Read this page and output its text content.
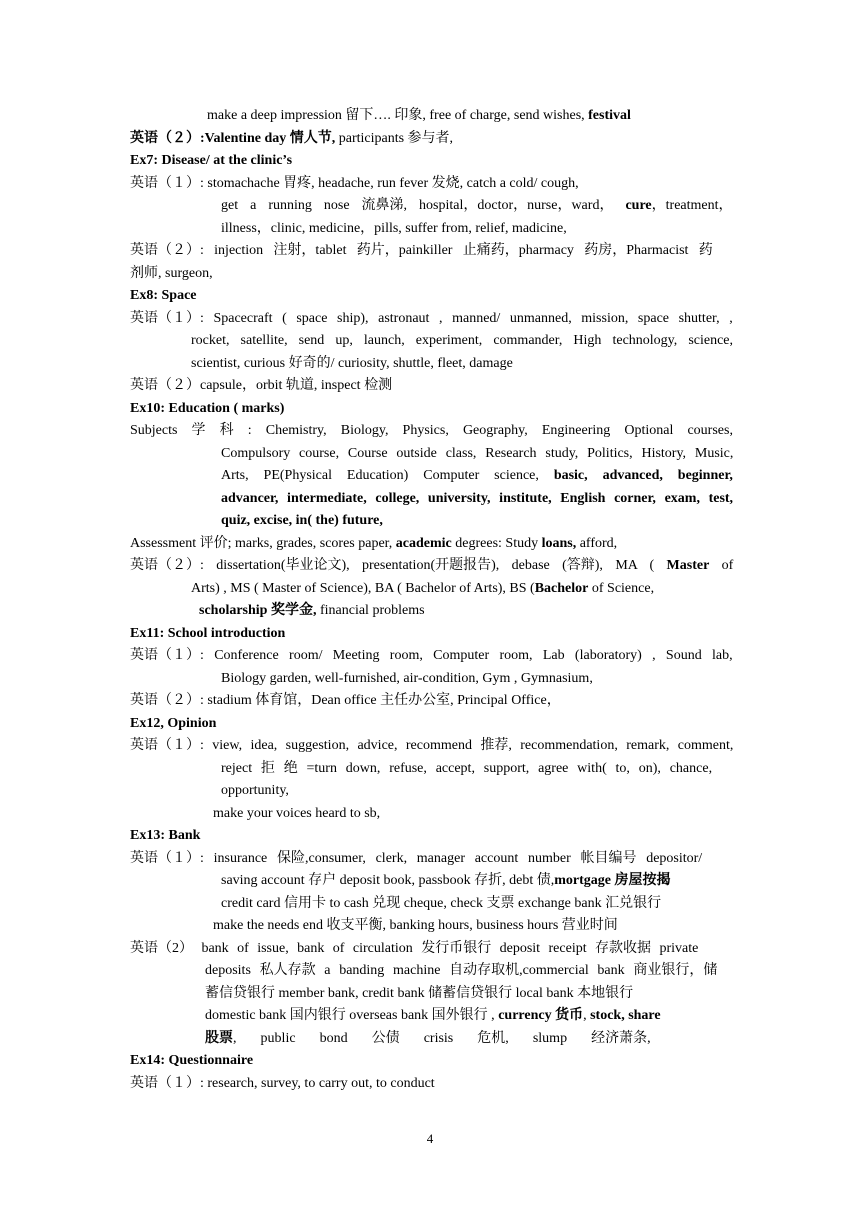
make a deep impression 留下…. 印象, free of charge, send wishes, festival
英语（２）:Valentine day 情人节, participants 参与者,
Ex7: Disease/ at the clinic’s
英语（１）: stomachache 胃疼, headache, run fever 发烧, catch a cold/ cough,
get a running nose 流鼻涕, hospital，doctor，nurse，ward， cure，treatment，
illness，clinic, medicine，pills, suffer from, relief, madicine,
英语（２）: injection 注射，tablet 药片，painkiller 止痛药，pharmacy 药房，Pharmacist 药
剂师, surgeon,
Ex8: Space
英语（１）: Spacecraft ( space ship), astronaut , manned/ unmanned, mission, space shutter, ,
rocket, satellite, send up, launch, experiment, commander, High technology, science,
scientist, curious 好奇的/ curiosity, shuttle, fleet, damage
英语（２）capsule，orbit 轨道, inspect 检测
Ex10: Education ( marks)
Subjects 学 科 : Chemistry, Biology, Physics, Geography, Engineering Optional courses,
Compulsory course, Course outside class, Research study, Politics, History, Music,
Arts, PE(Physical Education) Computer science, basic, advanced, beginner,
advancer, intermediate, college, university, institute, English corner, exam, test,
quiz, excise, in( the) future,
Assessment 评价; marks, grades, scores paper, academic degrees: Study loans, afford,
英语（２）: dissertation(毕业论文), presentation(开题报告), debase (答辩), MA ( Master of
Arts) , MS ( Master of Science), BA ( Bachelor of Arts), BS (Bachelor of Science,
scholarship 奖学金, financial problems
Ex11: School introduction
英语（１）: Conference room/ Meeting room, Computer room, Lab (laboratory) , Sound lab,
Biology garden, well-furnished, air-condition, Gym , Gymnasium,
英语（２）: stadium 体育馆，Dean office 主任办公室, Principal Office，
Ex12, Opinion
英语（１）: view, idea, suggestion, advice, recommend 推荐, recommendation, remark, comment,
reject 拒 绝 =turn down, refuse, accept, support, agree with( to, on), chance,
opportunity,
make your voices heard to sb,
Ex13: Bank
英语（１）: insurance 保险,consumer, clerk, manager account number 帐目编号 depositor/
saving account 存户 deposit book, passbook 存折, debt 债,mortgage 房屋按揭
credit card 信用卡 to cash 兑现 cheque, check 支票 exchange bank 汇兑银行
make the needs end 收支平衡, banking hours, business hours 营业时间
英语（2） bank of issue, bank of circulation 发行币银行 deposit receipt 存款收据 private
deposits 私人存款 a banding machine 自动存取机,commercial bank 商业银行，储
蓄信贷银行 member bank, credit bank 储蓄信贷银行 local bank 本地银行
domestic bank 国内银行 overseas bank 国外银行 , currency 货币, stock, share
股票, public bond 公债 crisis 危机, slump 经济萧条,
Ex14: Questionnaire
英语（１）: research, survey, to carry out, to conduct
4
